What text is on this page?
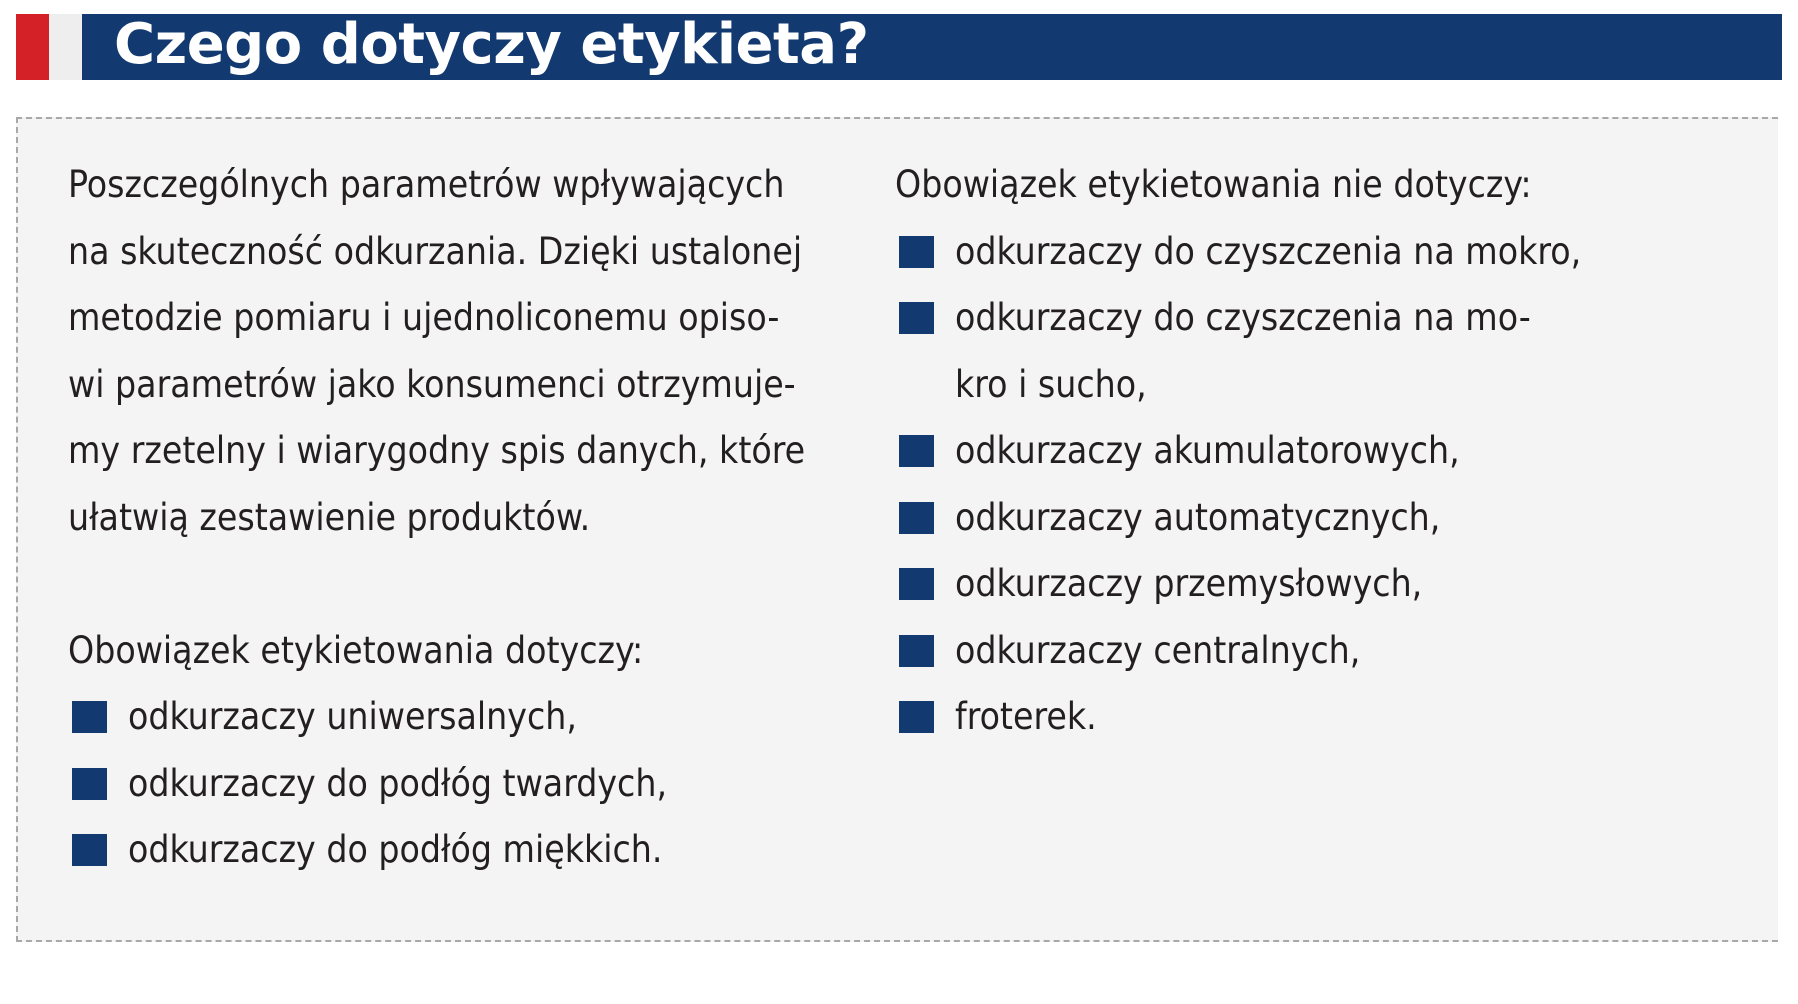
Czego dotyczy etykieta?

Poszczególnych parametrów wpływających
na skuteczność odkurzania. Dzięki ustalonej
metodzie pomiaru i ujednoliconemu opiso-
wi parametrów jako konsumenci otrzymuje-
my rzetelny i wiarygodny spis danych, które
ułatwią zestawienie produktów.

Obowiązek etykietowania dotyczy:
odkurzaczy uniwersalnych,
odkurzaczy do podłóg twardych,
odkurzaczy do podłóg miękkich.
Obowiązek etykietowania nie dotyczy:
odkurzaczy do czyszczenia na mokro,
odkurzaczy do czyszczenia na mo-
kro i sucho,
odkurzaczy akumulatorowych,
odkurzaczy automatycznych,
odkurzaczy przemysłowych,
odkurzaczy centralnych,
froterek.
